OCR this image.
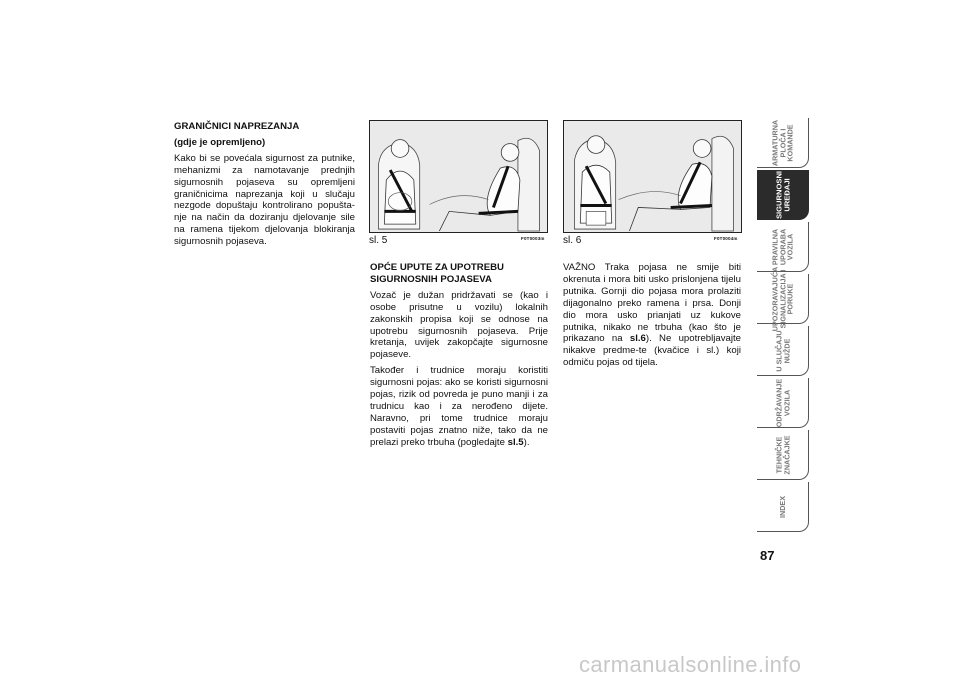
GRANIČNICI NAPREZANJA

(gdje je opremljeno)

Kako bi se povećala sigurnost za putnike, mehanizmi za namotavanje prednjih sigurnosnih pojaseva su opremljeni graničnicima naprezanja koji u slučaju nezgode dopuštaju kontrolirano popušta-nje na način da doziranju djelovanje sile na ramena tijekom djelovanja blokiranja sigurnosnih pojaseva.	sl. 5	F0T0003m sl. 6	F0T0004m

OPĆE UPUTE ZA UPOTREBU
SIGURNOSNIH POJASEVA

Vozač je dužan pridržavati se (kao i osobe prisutne u vozilu) lokalnih zakonskih propisa koji se odnose na upotrebu sigurnosnih pojaseva. Prije kretanja, uvijek zakopčajte sigurnosne pojaseve.

Također i trudnice moraju koristiti sigurnosni pojas: ako se koristi sigurnosni pojas, rizik od povreda je puno manji i za trudnicu kao i za nerođeno dijete. Naravno, pri tome trudnice moraju postaviti pojas znatno niže, tako da ne prelazi preko trbuha (pogledajte sl.5).

VAŽNO Traka pojasa ne smije biti okrenuta i mora biti usko prislonjena tijelu putnika. Gornji dio pojasa mora prolaziti dijagonalno preko ramena i prsa. Donji dio mora usko prianjati uz kukove putnika, nikako ne trbuha (kao što je prikazano na sl.6). Ne upotrebljavajte nikakve predme-te (kvačice i sl.) koji odmiču pojas od tijela.

ARMATURNA
PLOČA I
KOMANDE
SIGURNOSNI
UREĐAJI
PRAVILNA
UPORABA
VOZILA
UPOZORAVAJUĆA
SIGNALIZACIJA I
PORUKE
U SLUČAJU
NUŽDE
ODRŽAVANJE
VOZILA
TEHNIČKE
ZNAČAJKE
INDEX
87
carmanualsonline.info
